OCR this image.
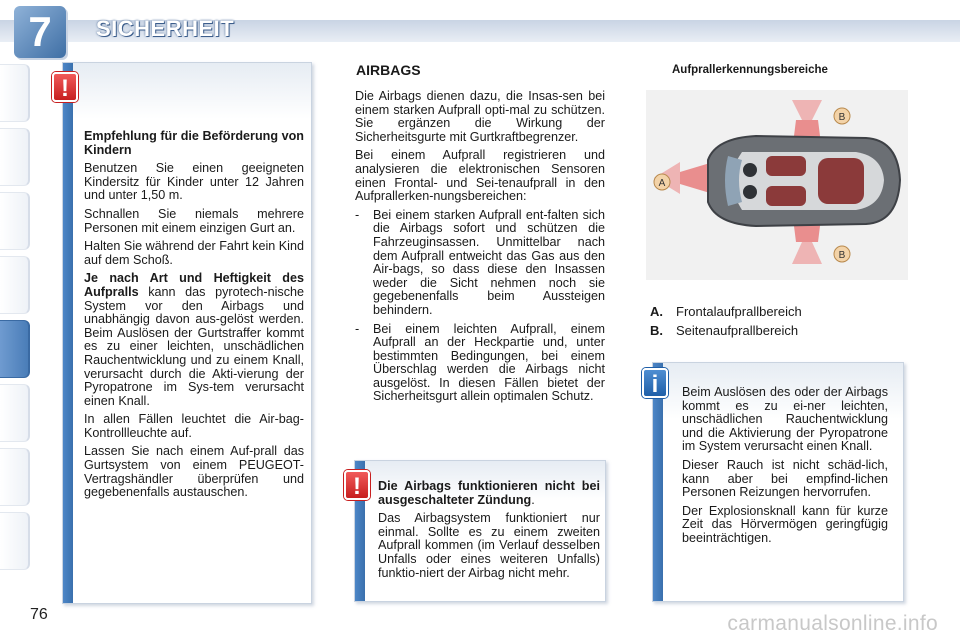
7	SICHERHEIT
!

Empfehlung für die Beförderung von Kindern

Benutzen Sie einen geeigneten Kindersitz für Kinder unter 12 Jahren und unter 1,50 m.

Schnallen Sie niemals mehrere Personen mit einem einzigen Gurt an.

Halten Sie während der Fahrt kein Kind auf dem Schoß.

Je nach Art und Heftigkeit des Aufpralls kann das pyrotech-nische System vor den Airbags und unabhängig davon aus-gelöst werden. Beim Auslösen der Gurtstraffer kommt es zu einer leichten, unschädlichen Rauchentwicklung und zu einem Knall, verursacht durch die Akti-vierung der Pyropatrone im Sys-tem verursacht einen Knall.

In allen Fällen leuchtet die Air-bag-Kontrollleuchte auf.

Lassen Sie nach einem Auf-prall das Gurtsystem von einem PEUGEOT-Vertragshändler überprüfen und gegebenenfalls austauschen.

AIRBAGS

Die Airbags dienen dazu, die Insas-sen bei einem starken Aufprall opti-mal zu schützen. Sie ergänzen die Wirkung der Sicherheitsgurte mit Gurtkraftbegrenzer.

Bei einem Aufprall registrieren und analysieren die elektronischen Sensoren einen Frontal- und Sei-tenaufprall in den Aufprallerken-nungsbereichen:

-	Bei einem starken Aufprall ent-falten sich die Airbags sofort und schützen die Fahrzeuginsassen. Unmittelbar nach dem Aufprall entweicht das Gas aus den Air-bags, so dass diese den Insassen weder die Sicht nehmen noch sie gegebenenfalls beim Aussteigen behindern.
-	Bei einem leichten Aufprall, einem Aufprall an der Heckpartie und, unter bestimmten Bedingungen, bei einem Überschlag werden die Airbags nicht ausgelöst. In diesen Fällen bietet der Sicherheitsgurt allein optimalen Schutz.
!	Die Airbags funktionieren nicht bei ausgeschalteter Zündung.

Das Airbagsystem funktioniert nur einmal. Sollte es zu einem zweiten Aufprall kommen (im Verlauf desselben Unfalls oder eines weiteren Unfalls) funktio-niert der Airbag nicht mehr.

Aufprallerkennungsbereiche
A
B
B
A.	Frontalaufprallbereich
B.	Seitenaufprallbereich
i	Beim Auslösen des oder der Airbags kommt es zu ei-ner leichten, unschädlichen Rauchentwicklung und die Aktivierung der Pyropatrone im System verursacht einen Knall.

Dieser Rauch ist nicht schäd-lich, kann aber bei empfind-lichen Personen Reizungen hervorrufen.

Der Explosionsknall kann für kurze Zeit das Hörvermögen geringfügig beeinträchtigen.

76	carmanualsonline.info
